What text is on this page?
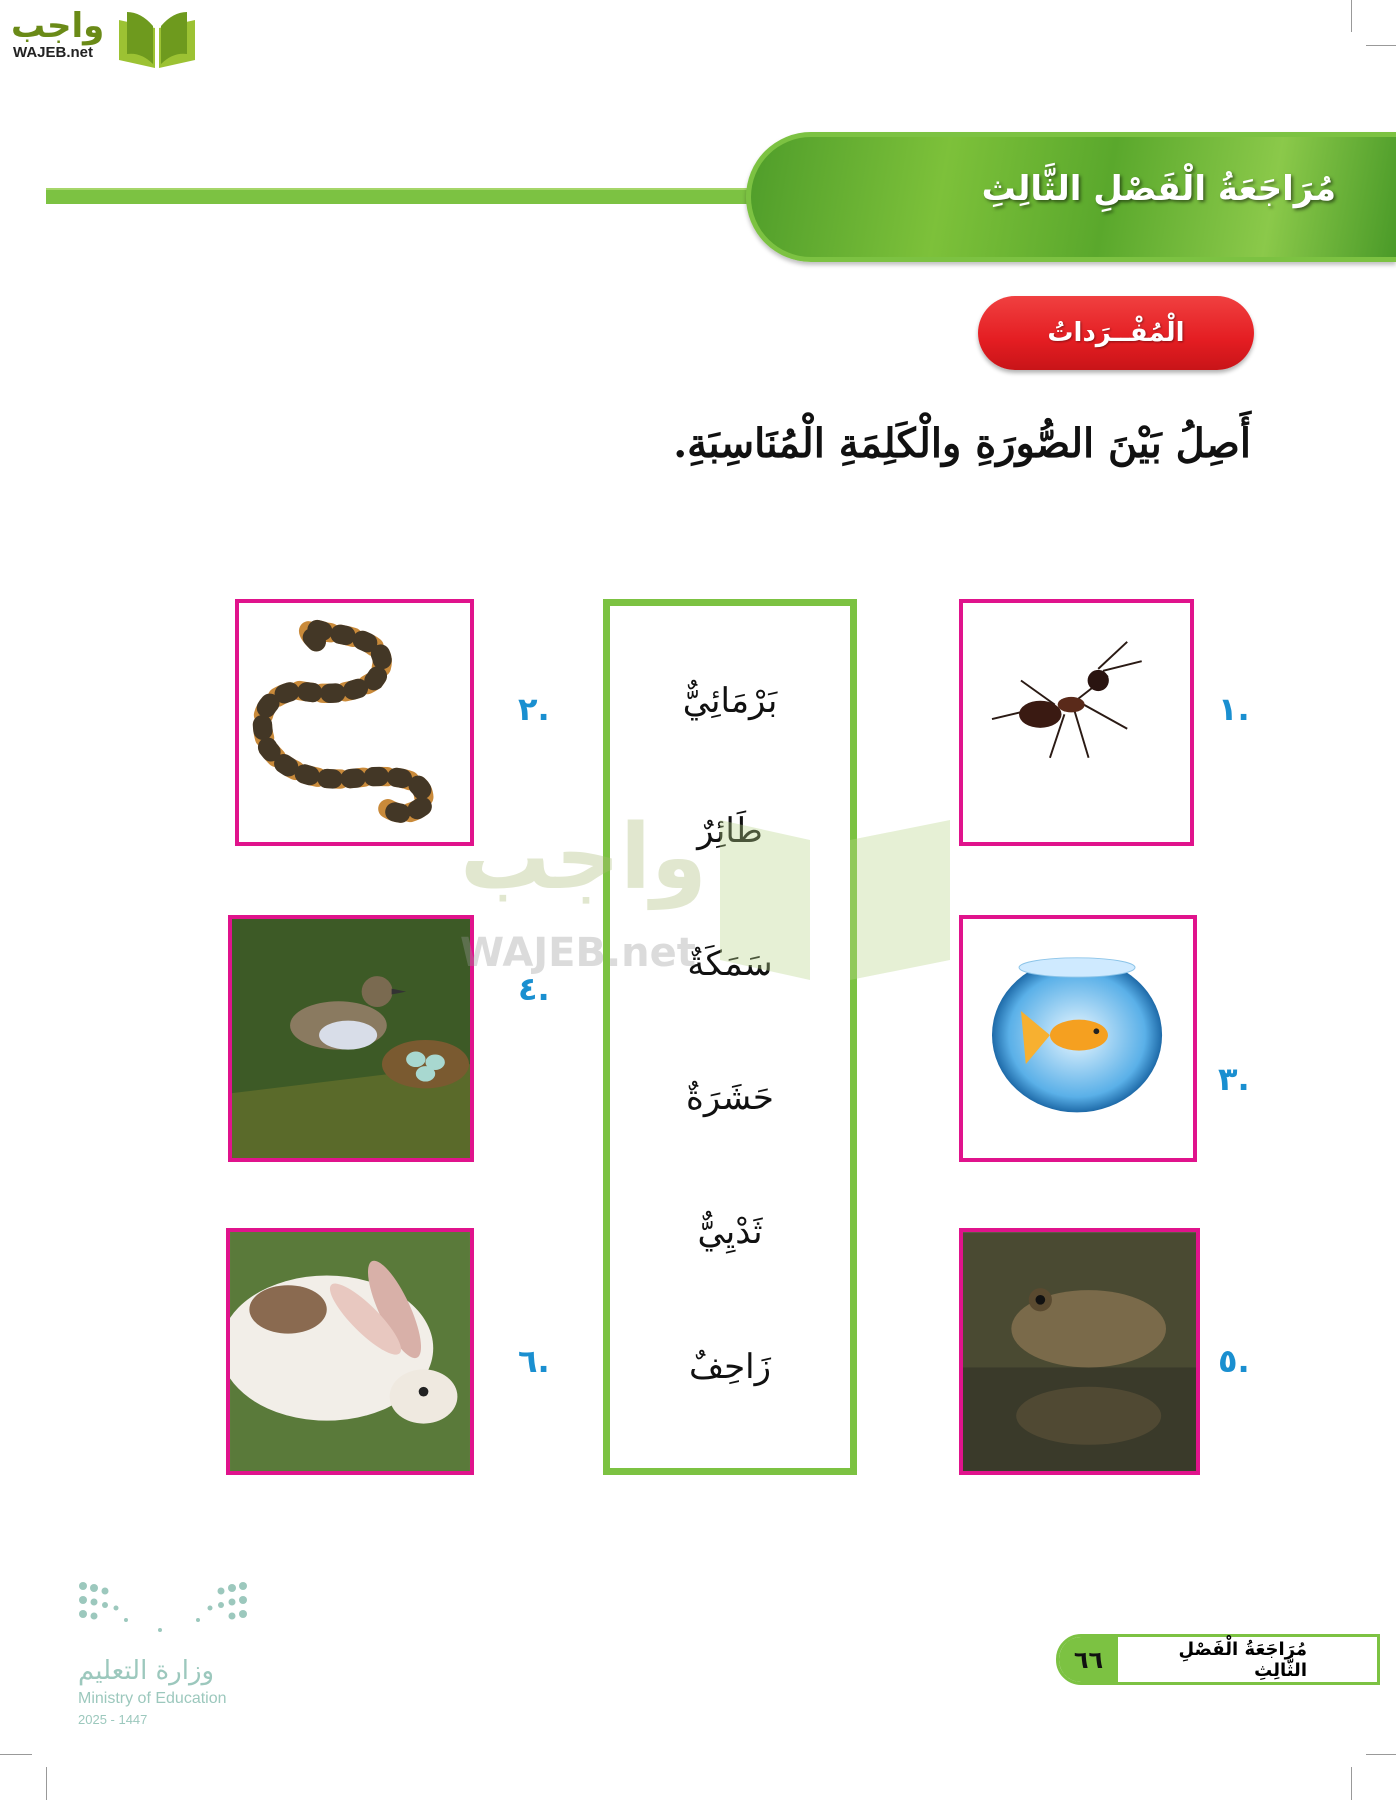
واجب
WAJEB.net
مُرَاجَعَةُ الْفَصْلِ الثَّالِثِ
الْمُفْــرَداتُ
أَصِلُ بَيْنَ الصُّورَةِ والْكَلِمَةِ الْمُنَاسِبَةِ.
.١
.٢
.٣
.٤
.٥
.٦
بَرْمَائِيٌّ
طَائِرٌ
سَمَكَةٌ
حَشَرَةٌ
ثَدْيِيٌّ
زَاحِفٌ
واجب
WAJEB.net
وزارة التعليم
Ministry of Education
2025 - 1447
٦٦	مُرَاجَعَةُ الْفَصْلِ الثَّالِثِ
